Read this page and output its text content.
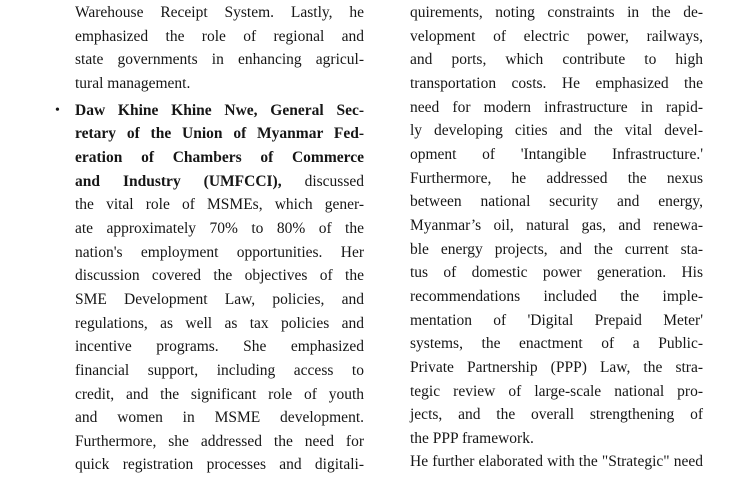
Warehouse Receipt System. Lastly, he
emphasized the role of regional and
state governments in enhancing agricul-
tural management.
• Daw Khine Khine Nwe, General Sec-
retary of the Union of Myanmar Fed-
eration of Chambers of Commerce
and Industry (UMFCCI), discussed
the vital role of MSMEs, which gener-
ate approximately 70% to 80% of the
nation's employment opportunities. Her
discussion covered the objectives of the
SME Development Law, policies, and
regulations, as well as tax policies and
incentive programs. She emphasized
financial support, including access to
credit, and the significant role of youth
and women in MSME development.
Furthermore, she addressed the need for
quick registration processes and digitali-
quirements, noting constraints in the de-
velopment of electric power, railways,
and ports, which contribute to high
transportation costs. He emphasized the
need for modern infrastructure in rapid-
ly developing cities and the vital devel-
opment of 'Intangible Infrastructure.'
Furthermore, he addressed the nexus
between national security and energy,
Myanmar’s oil, natural gas, and renewa-
ble energy projects, and the current sta-
tus of domestic power generation. His
recommendations included the imple-
mentation of 'Digital Prepaid Meter'
systems, the enactment of a Public-
Private Partnership (PPP) Law, the stra-
tegic review of large-scale national pro-
jects, and the overall strengthening of
the PPP framework.
He further elaborated with the "Strategic" need
